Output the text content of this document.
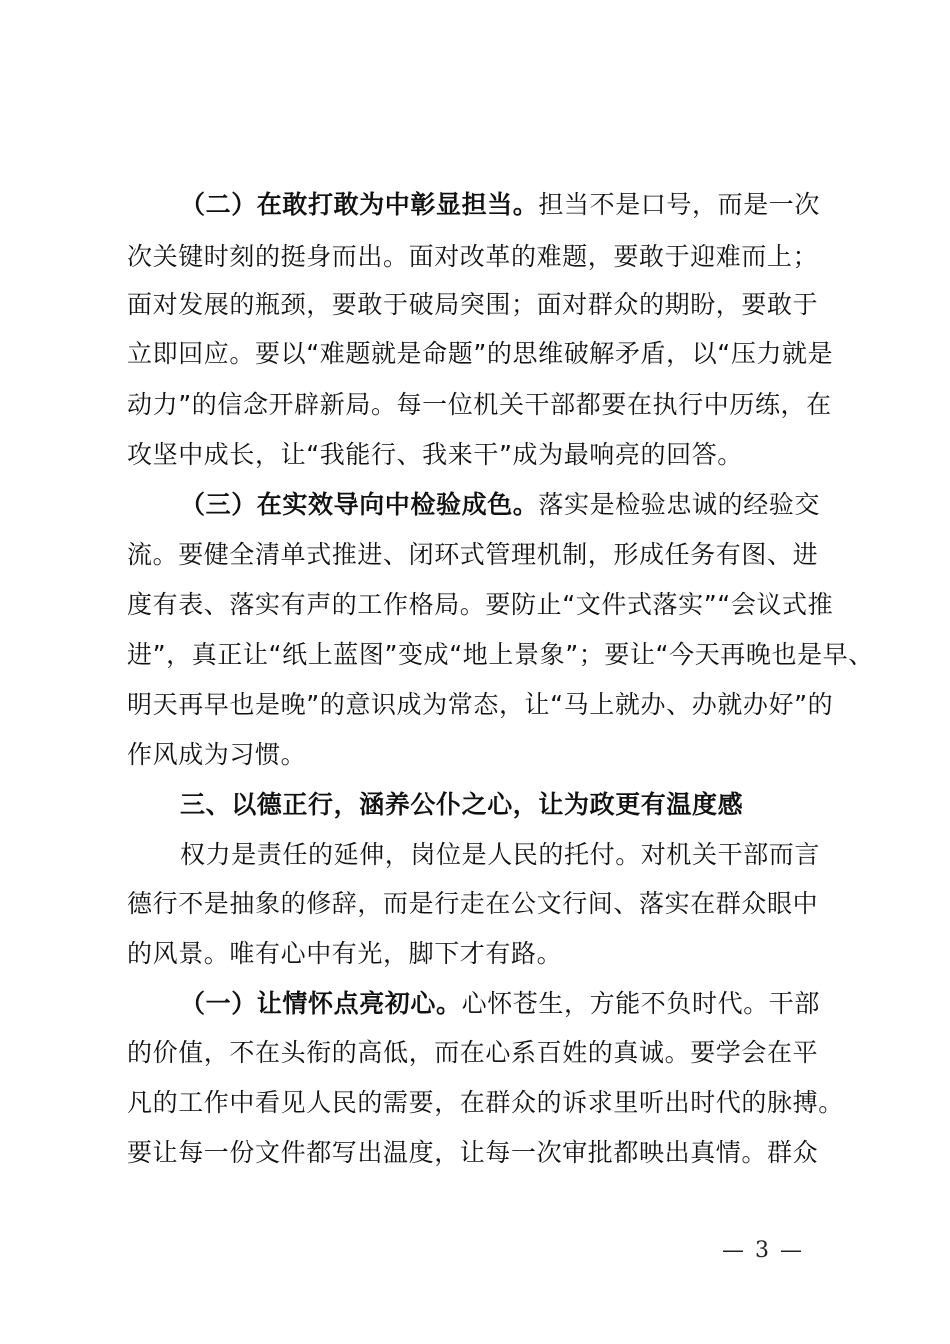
（二）在敢打敢为中彰显担当。担当不是口号，而是一次
次关键时刻的挺身而出。面对改革的难题，要敢于迎难而上；
面对发展的瓶颈，要敢于破局突围；面对群众的期盼，要敢于
立即回应。要以“难题就是命题”的思维破解矛盾，以“压力就是
动力”的信念开辟新局。每一位机关干部都要在执行中历练，在
攻坚中成长，让“我能行、我来干”成为最响亮的回答。
（三）在实效导向中检验成色。落实是检验忠诚的经验交
流。要健全清单式推进、闭环式管理机制，形成任务有图、进
度有表、落实有声的工作格局。要防止“文件式落实”“会议式推
进”，真正让“纸上蓝图”变成“地上景象”；要让“今天再晚也是早、
明天再早也是晚”的意识成为常态，让“马上就办、办就办好”的
作风成为习惯。
三、以德正行，涵养公仆之心，让为政更有温度感
权力是责任的延伸，岗位是人民的托付。对机关干部而言
德行不是抽象的修辞，而是行走在公文行间、落实在群众眼中
的风景。唯有心中有光，脚下才有路。
（一）让情怀点亮初心。心怀苍生，方能不负时代。干部
的价值，不在头衔的高低，而在心系百姓的真诚。要学会在平
凡的工作中看见人民的需要，在群众的诉求里听出时代的脉搏。
要让每一份文件都写出温度，让每一次审批都映出真情。群众
— 3 —
